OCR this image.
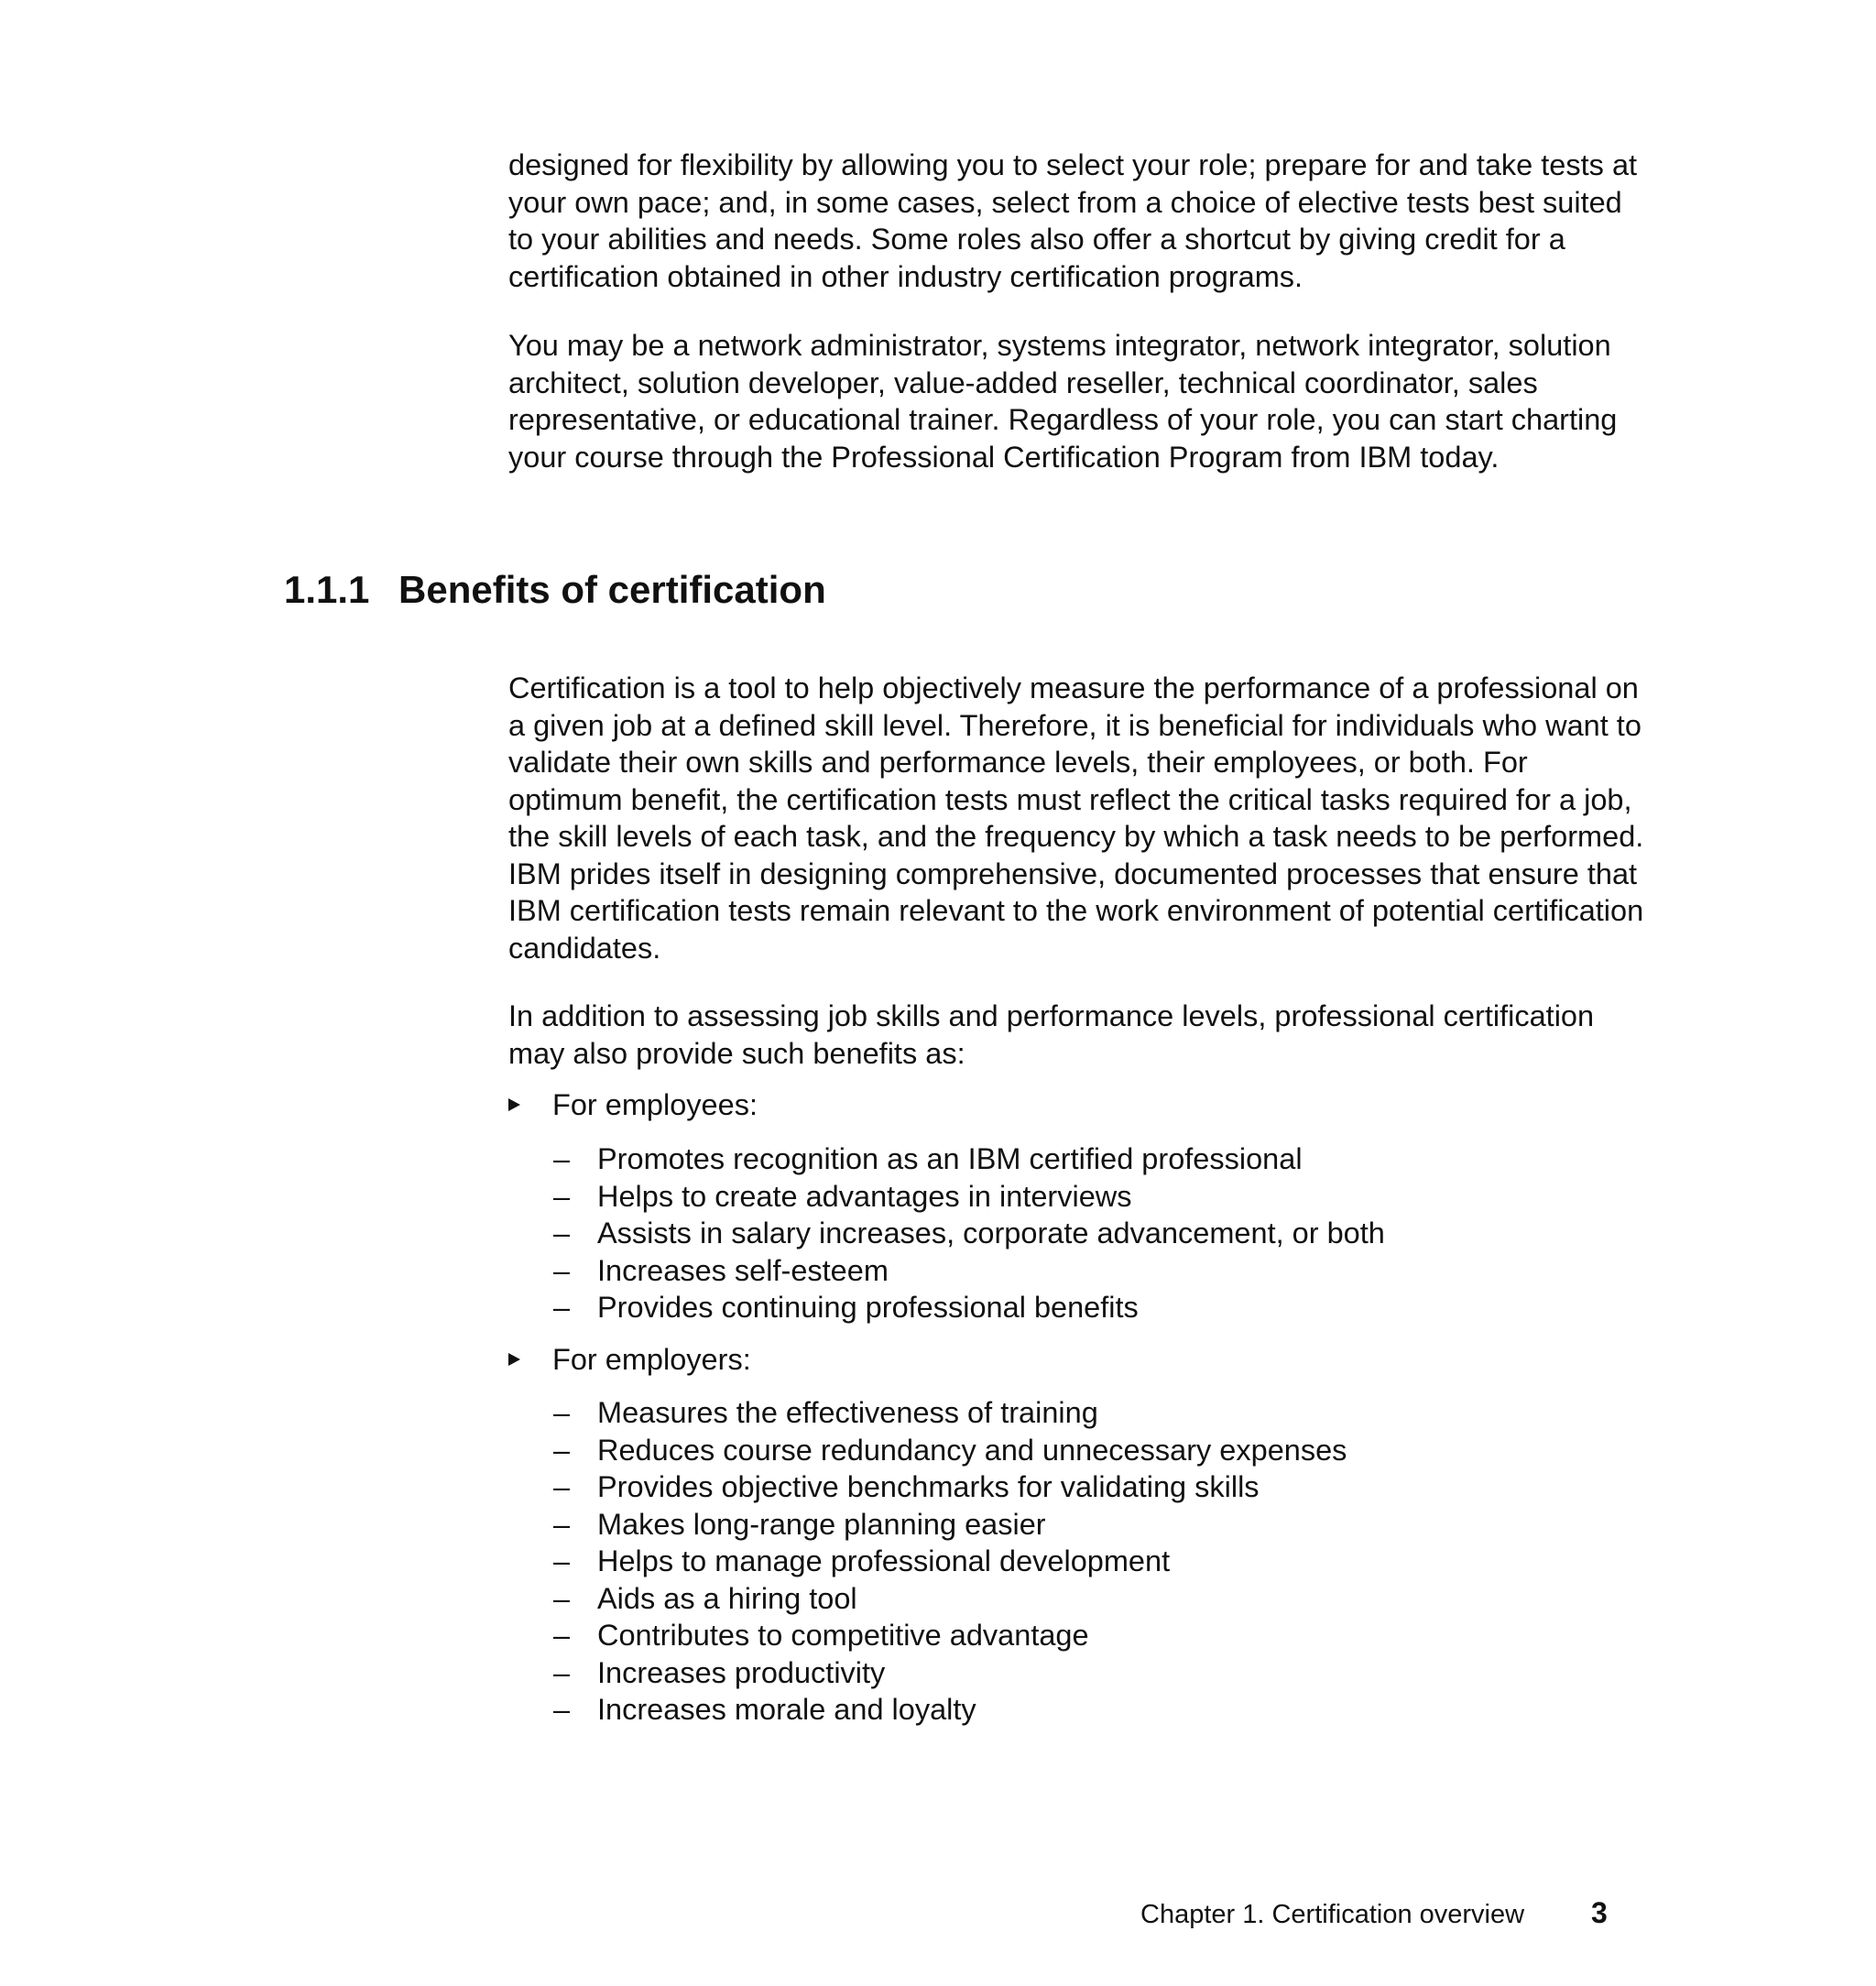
designed for flexibility by allowing you to select your role; prepare for and take tests at your own pace; and, in some cases, select from a choice of elective tests best suited to your abilities and needs. Some roles also offer a shortcut by giving credit for a certification obtained in other industry certification programs.

You may be a network administrator, systems integrator, network integrator, solution architect, solution developer, value-added reseller, technical coordinator, sales representative, or educational trainer. Regardless of your role, you can start charting your course through the Professional Certification Program from IBM today.

1.1.1 Benefits of certification

Certification is a tool to help objectively measure the performance of a professional on a given job at a defined skill level. Therefore, it is beneficial for individuals who want to validate their own skills and performance levels, their employees, or both. For optimum benefit, the certification tests must reflect the critical tasks required for a job, the skill levels of each task, and the frequency by which a task needs to be performed. IBM prides itself in designing comprehensive, documented processes that ensure that IBM certification tests remain relevant to the work environment of potential certification candidates.

In addition to assessing job skills and performance levels, professional certification may also provide such benefits as:

For employees:
– Promotes recognition as an IBM certified professional
– Helps to create advantages in interviews
– Assists in salary increases, corporate advancement, or both
– Increases self-esteem
– Provides continuing professional benefits
For employers:
– Measures the effectiveness of training
– Reduces course redundancy and unnecessary expenses
– Provides objective benchmarks for validating skills
– Makes long-range planning easier
– Helps to manage professional development
– Aids as a hiring tool
– Contributes to competitive advantage
– Increases productivity
– Increases morale and loyalty
Chapter 1. Certification overview 3
